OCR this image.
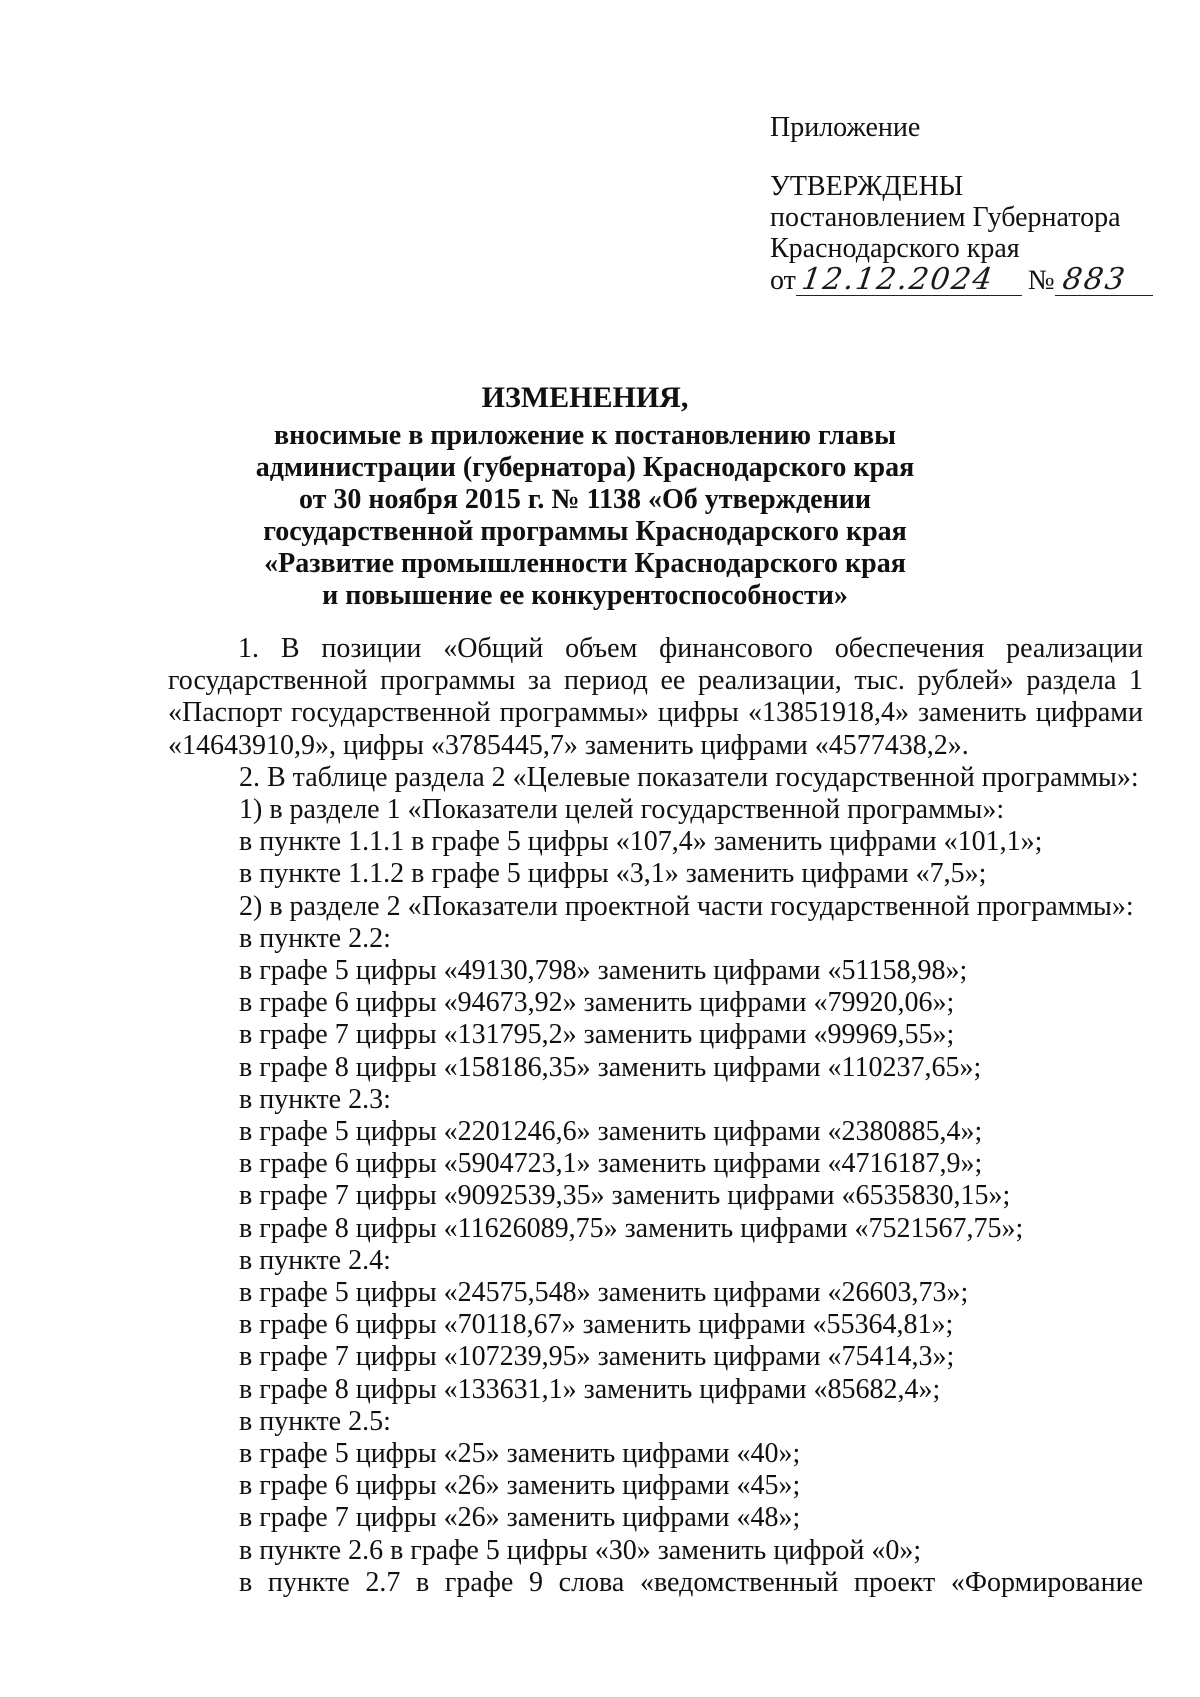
Приложение
УТВЕРЖДЕНЫ
постановлением Губернатора
Краснодарского края
от 12.12.2024 № 883
ИЗМЕНЕНИЯ,
вносимые в приложение к постановлению главы
администрации (губернатора) Краснодарского края
от 30 ноября 2015 г. № 1138 «Об утверждении
государственной программы Краснодарского края
«Развитие промышленности Краснодарского края
и повышение ее конкурентоспособности»
1. В позиции «Общий объем финансового обеспечения реализации государственной программы за период ее реализации, тыс. рублей» раздела 1 «Паспорт государственной программы» цифры «13851918,4» заменить цифрами «14643910,9», цифры «3785445,7» заменить цифрами «4577438,2».
2. В таблице раздела 2 «Целевые показатели государственной программы»:
1) в разделе 1 «Показатели целей государственной программы»:
в пункте 1.1.1 в графе 5 цифры «107,4» заменить цифрами «101,1»;
в пункте 1.1.2 в графе 5 цифры «3,1» заменить цифрами «7,5»;
2) в разделе 2 «Показатели проектной части государственной программы»:
в пункте 2.2:
в графе 5 цифры «49130,798» заменить цифрами «51158,98»;
в графе 6 цифры «94673,92» заменить цифрами «79920,06»;
в графе 7 цифры «131795,2» заменить цифрами «99969,55»;
в графе 8 цифры «158186,35» заменить цифрами «110237,65»;
в пункте 2.3:
в графе 5 цифры «2201246,6» заменить цифрами «2380885,4»;
в графе 6 цифры «5904723,1» заменить цифрами «4716187,9»;
в графе 7 цифры «9092539,35» заменить цифрами «6535830,15»;
в графе 8 цифры «11626089,75» заменить цифрами «7521567,75»;
в пункте 2.4:
в графе 5 цифры «24575,548» заменить цифрами «26603,73»;
в графе 6 цифры «70118,67» заменить цифрами «55364,81»;
в графе 7 цифры «107239,95» заменить цифрами «75414,3»;
в графе 8 цифры «133631,1» заменить цифрами «85682,4»;
в пункте 2.5:
в графе 5 цифры «25» заменить цифрами «40»;
в графе 6 цифры «26» заменить цифрами «45»;
в графе 7 цифры «26» заменить цифрами «48»;
в пункте 2.6 в графе 5 цифры «30» заменить цифрой «0»;
в пункте 2.7 в графе 9 слова «ведомственный проект «Формирование
